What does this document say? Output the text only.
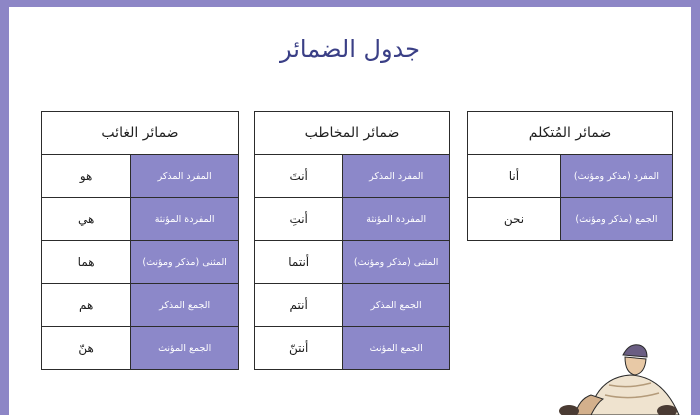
جدول الضمائر
ضمائر المُتكلم	
المفرد (مذكر ومؤنث)	أنا
الجمع (مذكر ومؤنث)	نحن
ضمائر المخاطب	
المفرد المذكر	أنتَ
المفردة المؤنثة	أنتِ
المثنى (مذكر ومؤنث)	أنتما
الجمع المذكر	أنتم
الجمع المؤنث	أنتنّ
ضمائر الغائب	
المفرد المذكر	هو
المفردة المؤنثة	هي
المثنى (مذكر ومؤنث)	هما
الجمع المذكر	هم
الجمع المؤنث	هنّ
